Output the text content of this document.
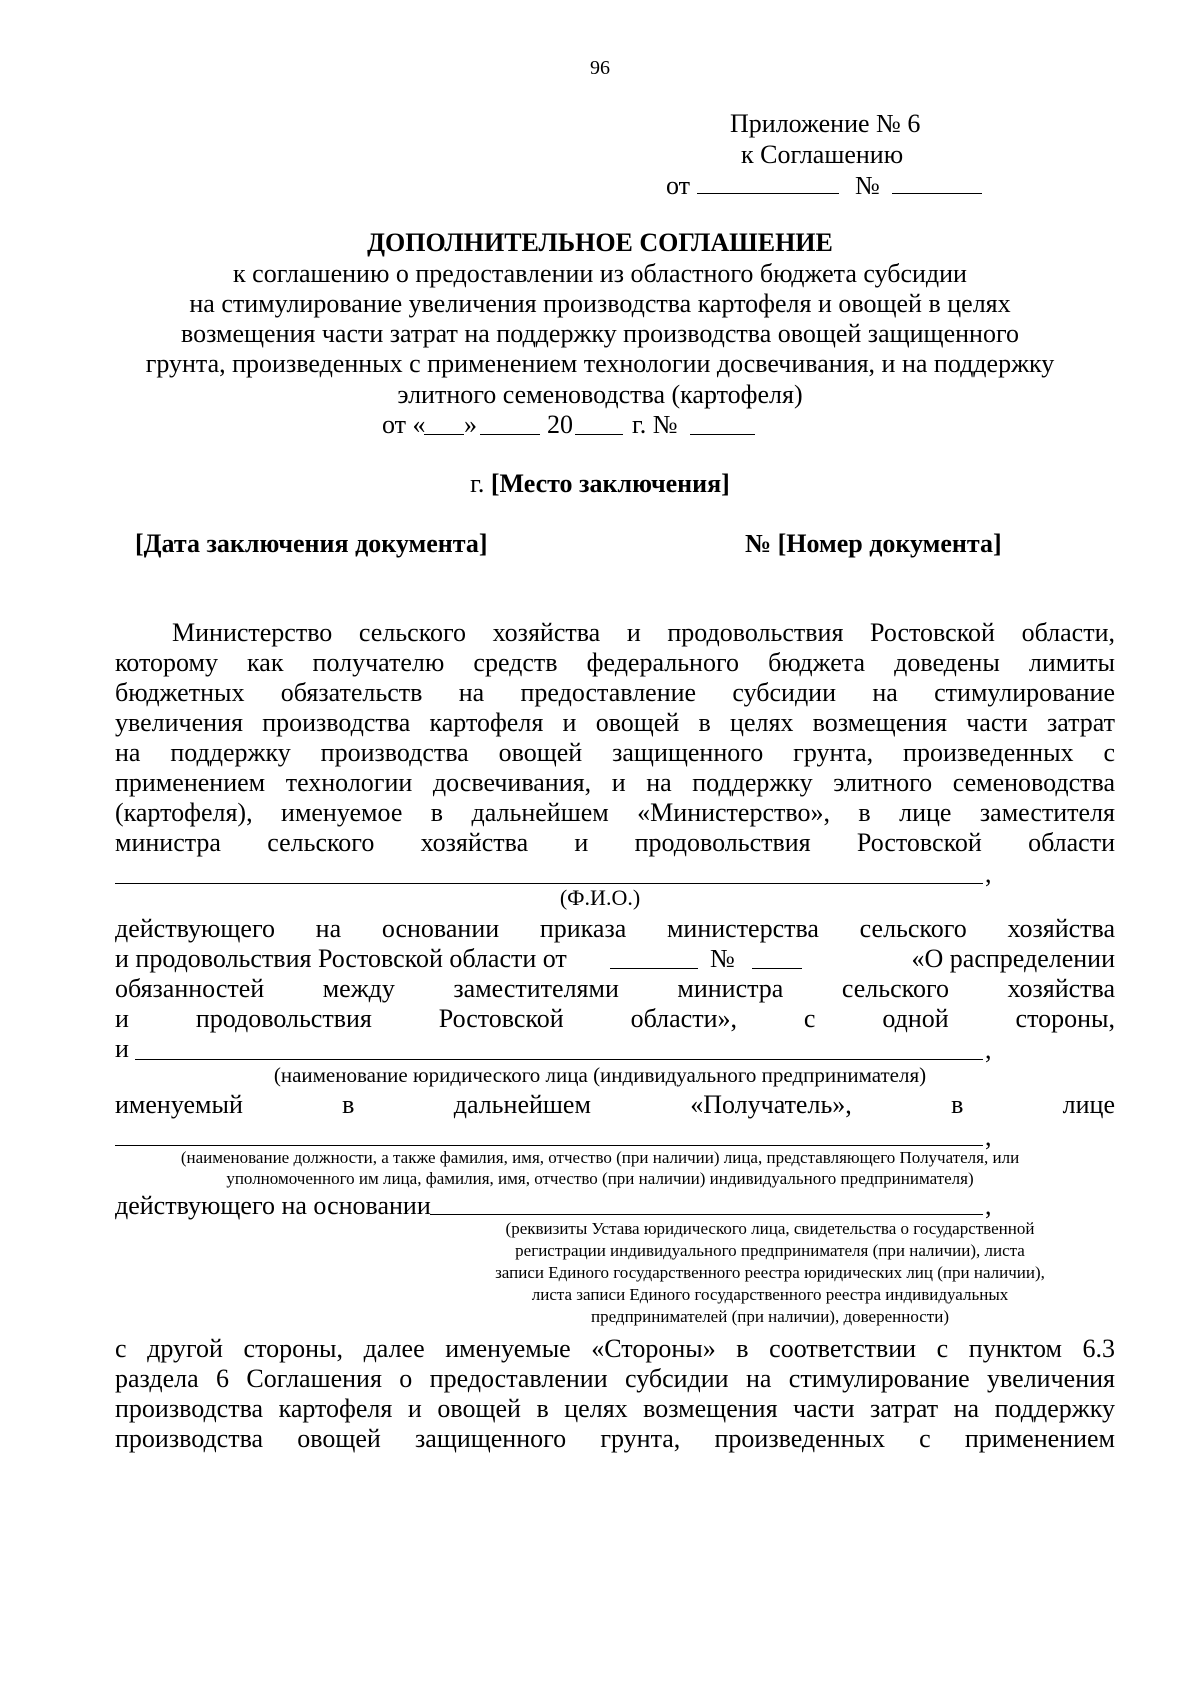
96
Приложение № 6
к Соглашению
от	№
ДОПОЛНИТЕЛЬНОЕ СОГЛАШЕНИЕ
к соглашению о предоставлении из областного бюджета субсидии
на стимулирование увеличения производства картофеля и овощей в целях
возмещения части затрат на поддержку производства овощей защищенного
грунта, произведенных с применением технологии досвечивания, и на поддержку
элитного семеноводства (картофеля)
от « »	20 г. №
г. [Место заключения]
[Дата заключения документа]	№ [Номер документа]
Министерство сельского хозяйства и продовольствия Ростовской области,
которому как получателю средств федерального бюджета доведены лимиты
бюджетных обязательств на предоставление субсидии на стимулирование
увеличения производства картофеля и овощей в целях возмещения части затрат
на поддержку производства овощей защищенного грунта, произведенных с
применением технологии досвечивания, и на поддержку элитного семеноводства
(картофеля), именуемое в дальнейшем «Министерство», в лице заместителя
министра сельского хозяйства и продовольствия Ростовской области
,
(Ф.И.О.)
действующего на основании приказа министерства сельского хозяйства
и продовольствия Ростовской области от	№	«О распределении
обязанностей между заместителями министра сельского хозяйства
и продовольствия Ростовской области», с одной стороны,
и	,
(наименование юридического лица (индивидуального предпринимателя)
именуемый в дальнейшем «Получатель», в лице
,
(наименование должности, а также фамилия, имя, отчество (при наличии) лица, представляющего Получателя, или
уполномоченного им лица, фамилия, имя, отчество (при наличии) индивидуального предпринимателя)
действующего на основании	,
(реквизиты Устава юридического лица, свидетельства о государственной
регистрации индивидуального предпринимателя (при наличии), листа
записи Единого государственного реестра юридических лиц (при наличии),
листа записи Единого государственного реестра индивидуальных
предпринимателей (при наличии), доверенности)
с другой стороны, далее именуемые «Стороны» в соответствии с пунктом 6.3
раздела 6 Соглашения о предоставлении субсидии на стимулирование увеличения
производства картофеля и овощей в целях возмещения части затрат на поддержку
производства овощей защищенного грунта, произведенных с применением
